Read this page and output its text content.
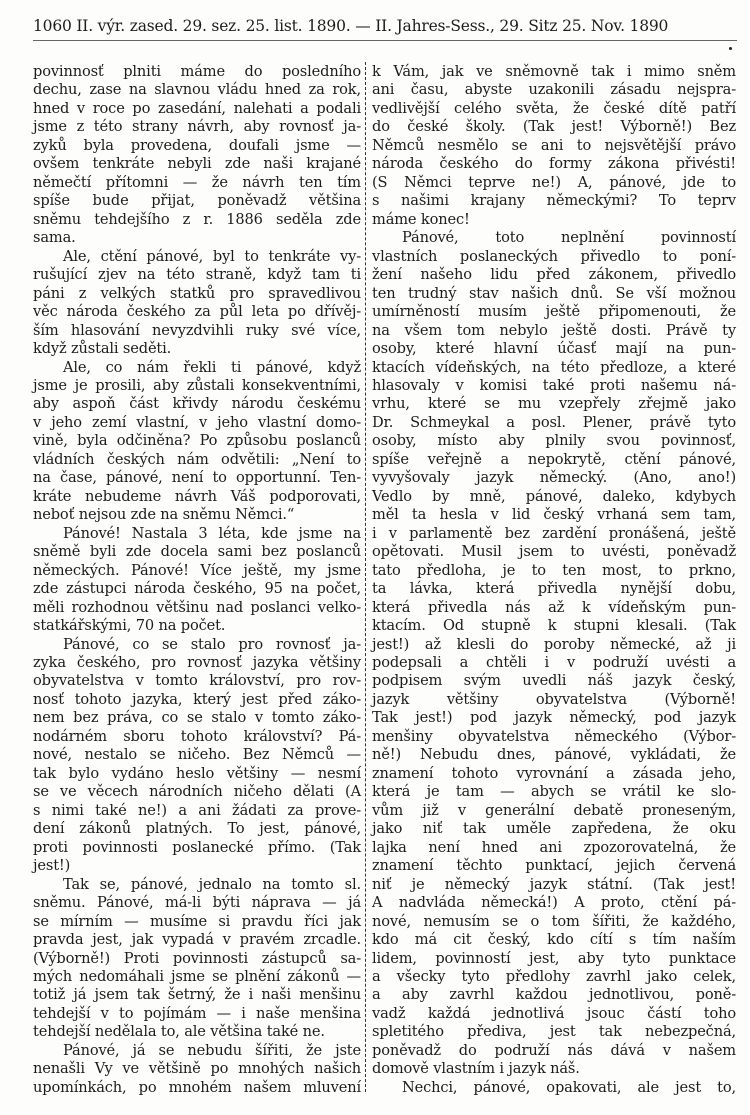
1060 II. výr. zased. 29. sez. 25. list. 1890. — II. Jahres-Sess., 29. Sitz 25. Nov. 1890
povinnosť plniti máme do posledního
dechu, zase na slavnou vládu hned za rok,
hned v roce po zasedání, nalehati a podali
jsme z této strany návrh, aby rovnosť ja-
zyků byla provedena, doufali jsme —
ovšem tenkráte nebyli zde naši krajané
němečtí přítomni — že návrh ten tím
spíše bude přijat, poněvadž většina
sněmu tehdejšího z r. 1886 seděla zde
sama.
Ale, ctění pánové, byl to tenkráte vy-
rušující zjev na této straně, když tam ti
páni z velkých statků pro spravedlivou
věc národa českého za půl leta po dřívěj-
ším hlasování nevyzdvihli ruky své více,
když zůstali seděti.
Ale, co nám řekli ti pánové, když
jsme je prosili, aby zůstali konsekventními,
aby aspoň část křivdy národu českému
v jeho zemí vlastní, v jeho vlastní domo-
vině, byla odčiněna? Po způsobu poslanců
vládních českých nám odvětili: „Není to
na čase, pánové, není to opportunní. Ten-
kráte nebudeme návrh Váš podporovati,
neboť nejsou zde na sněmu Němci.“
Pánové! Nastala 3 léta, kde jsme na
sněmě byli zde docela sami bez poslanců
německých. Pánové! Více ještě, my jsme
zde zástupci národa českého, 95 na počet,
měli rozhodnou většinu nad poslanci velko-
statkářskými, 70 na počet.
Pánové, co se stalo pro rovnosť ja-
zyka českého, pro rovnosť jazyka většiny
obyvatelstva v tomto království, pro rov-
nosť tohoto jazyka, který jest před záko-
nem bez práva, co se stalo v tomto záko-
nodárném sboru tohoto království? Pá-
nové, nestalo se ničeho. Bez Němců —
tak bylo vydáno heslo většiny — nesmí
se ve věcech národních ničeho dělati (A
s nimi také ne!) a ani žádati za prove-
dení zákonů platných. To jest, pánové,
proti povinnosti poslanecké přímo. (Tak
jest!)
Tak se, pánové, jednalo na tomto sl.
sněmu. Pánové, má-li býti náprava — já
se mírním — musíme si pravdu říci jak
pravda jest, jak vypadá v pravém zrcadle.
(Výborně!) Proti povinnosti zástupců sa-
mých nedomáhali jsme se plnění zákonů —
totiž já jsem tak šetrný, že i naši menšinu
tehdejší v to pojímám — i naše menšina
tehdejší nedělala to, ale většina také ne.
Pánové, já se nebudu šířiti, že jste
nenašli Vy ve většině po mnohých našich
upomínkách, po mnohém našem mluvení
k Vám, jak ve sněmovně tak i mimo sněm
ani času, abyste uzakonili zásadu nejspra-
vedlivější celého světa, že české dítě patří
do české školy. (Tak jest! Výborně!) Bez
Němců nesmělo se ani to nejsvětější právo
národa českého do formy zákona přivésti!
(S Němci teprve ne!) A, pánové, jde to
s našimi krajany německými? To teprv
máme konec!
Pánové, toto neplnění povinností
vlastních poslaneckých přivedlo to poní-
žení našeho lidu před zákonem, přivedlo
ten trudný stav našich dnů. Se vší možnou
umírněností musím ještě připomenouti, že
na všem tom nebylo ještě dosti. Právě ty
osoby, které hlavní účasť mají na pun-
ktacích vídeňských, na této předloze, a které
hlasovaly v komisi také proti našemu ná-
vrhu, které se mu vzepřely zřejmě jako
Dr. Schmeykal a posl. Plener, právě tyto
osoby, místo aby plnily svou povinnosť,
spíše veřejně a nepokrytě, ctění pánové,
vyvyšovaly jazyk německý. (Ano, ano!)
Vedlo by mně, pánové, daleko, kdybych
měl ta hesla v lid český vrhaná sem tam,
i v parlamentě bez zardění pronášená, ještě
opětovati. Musil jsem to uvésti, poněvadž
tato předloha, je to ten most, to prkno,
ta lávka, která přivedla nynější dobu,
která přivedla nás až k vídeňským pun-
ktacím. Od stupně k stupni klesali. (Tak
jest!) až klesli do poroby německé, až ji
podepsali a chtěli i v podruží uvésti a
podpisem svým uvedli náš jazyk český,
jazyk většiny obyvatelstva (Výborně!
Tak jest!) pod jazyk německý, pod jazyk
menšiny obyvatelstva německého (Výbor-
ně!) Nebudu dnes, pánové, vykládati, že
znamení tohoto vyrovnání a zásada jeho,
která je tam — abych se vrátil ke slo-
vům již v generální debatě proneseným,
jako niť tak uměle zapředena, že oku
lajka není hned ani zpozorovatelná, že
znamení těchto punktací, jejich červená
niť je německý jazyk státní. (Tak jest!
A nadvláda německá!) A proto, ctění pá-
nové, nemusím se o tom šířiti, že každého,
kdo má cit český, kdo cítí s tím naším
lidem, povinností jest, aby tyto punktace
a všecky tyto předlohy zavrhl jako celek,
a aby zavrhl každou jednotlivou, poně-
vadž každá jednotlivá jsouc částí toho
spletitého přediva, jest tak nebezpečná,
poněvadž do podruží nás dává v našem
domově vlastním i jazyk náš.
Nechci, pánové, opakovati, ale jest to,
